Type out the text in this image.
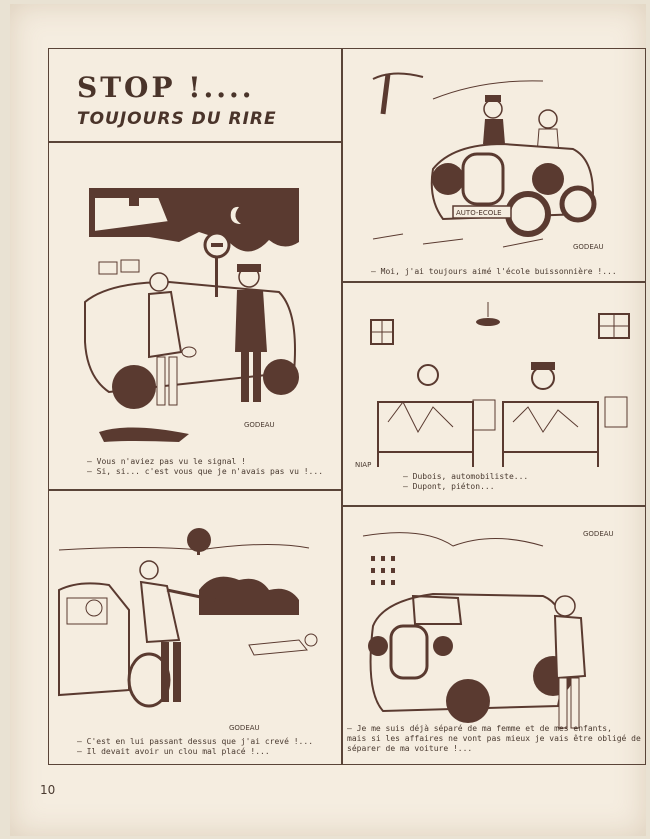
STOP !....
TOUJOURS DU RIRE
GODEAU
— Vous n'aviez pas vu le signal !
— Si, si... c'est vous que je n'avais pas vu !...
GODEAU
— C'est en lui passant dessus que j'ai crevé !...
— Il devait avoir un clou mal placé !...
AUTO-ECOLE
GODEAU
— Moi, j'ai toujours aimé l'école buissonnière !...
NIAP
— Dubois, automobiliste...
— Dupont, piéton...
GODEAU
— Je me suis déjà séparé de ma femme et de mes enfants,
mais si les affaires ne vont pas mieux je vais être obligé de
séparer de ma voiture !...
10
